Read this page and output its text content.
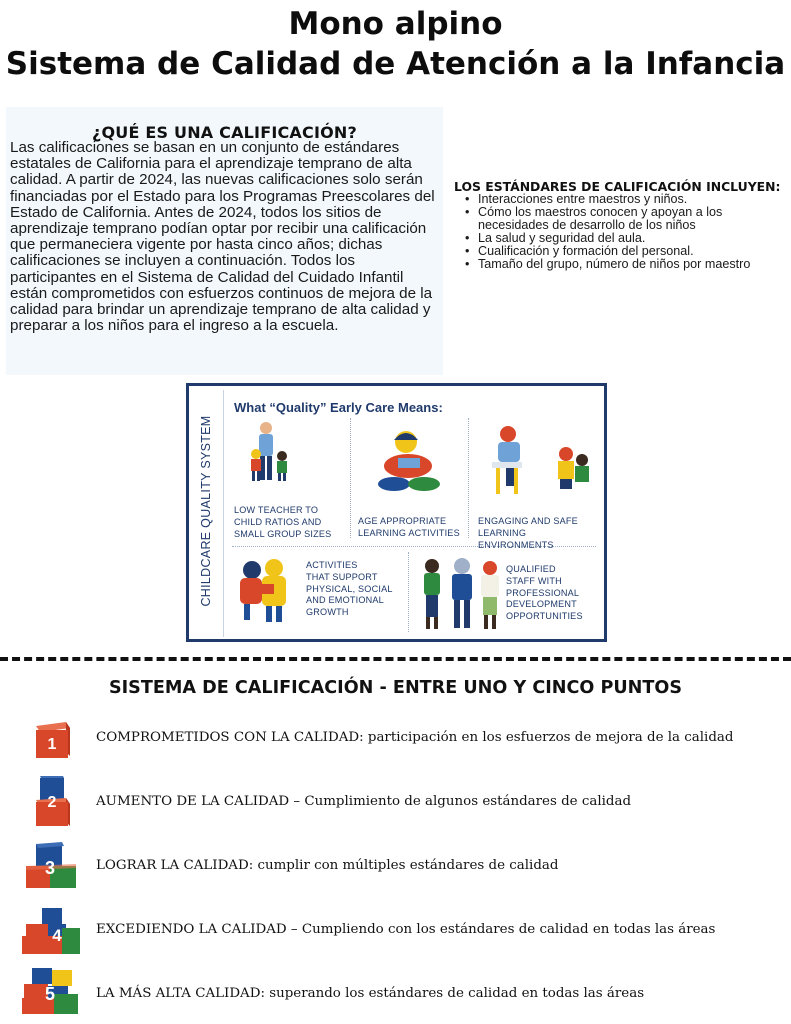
Mono alpino
Sistema de Calidad de Atención a la Infancia
¿QUÉ ES UNA CALIFICACIÓN?
Las calificaciones se basan en un conjunto de estándares estatales de California para el aprendizaje temprano de alta calidad. A partir de 2024, las nuevas calificaciones solo serán financiadas por el Estado para los Programas Preescolares del Estado de California. Antes de 2024, todos los sitios de aprendizaje temprano podían optar por recibir una calificación que permaneciera vigente por hasta cinco años; dichas calificaciones se incluyen a continuación. Todos los participantes en el Sistema de Calidad del Cuidado Infantil están comprometidos con esfuerzos continuos de mejora de la calidad para brindar un aprendizaje temprano de alta calidad y preparar a los niños para el ingreso a la escuela.
LOS ESTÁNDARES DE CALIFICACIÓN INCLUYEN:
• Interacciones entre maestros y niños.
• Cómo los maestros conocen y apoyan a los necesidades de desarrollo de los niños
• La salud y seguridad del aula.
• Cualificación y formación del personal.
• Tamaño del grupo, número de niños por maestro
CHILDCARE QUALITY SYSTEM
What “Quality” Early Care Means:
LOW TEACHER TO
CHILD RATIOS AND
SMALL GROUP SIZES
AGE APPROPRIATE
LEARNING ACTIVITIES
ENGAGING AND SAFE
LEARNING ENVIRONMENTS
ACTIVITIES
THAT SUPPORT
PHYSICAL, SOCIAL
AND EMOTIONAL
GROWTH
QUALIFIED
STAFF WITH
PROFESSIONAL
DEVELOPMENT
OPPORTUNITIES
SISTEMA DE CALIFICACIÓN - ENTRE UNO Y CINCO PUNTOS
1	COMPROMETIDOS CON LA CALIDAD: participación en los esfuerzos de mejora de la calidad
2	AUMENTO DE LA CALIDAD – Cumplimiento de algunos estándares de calidad
3	LOGRAR LA CALIDAD: cumplir con múltiples estándares de calidad
4	EXCEDIENDO LA CALIDAD – Cumpliendo con los estándares de calidad en todas las áreas
5	LA MÁS ALTA CALIDAD: superando los estándares de calidad en todas las áreas
